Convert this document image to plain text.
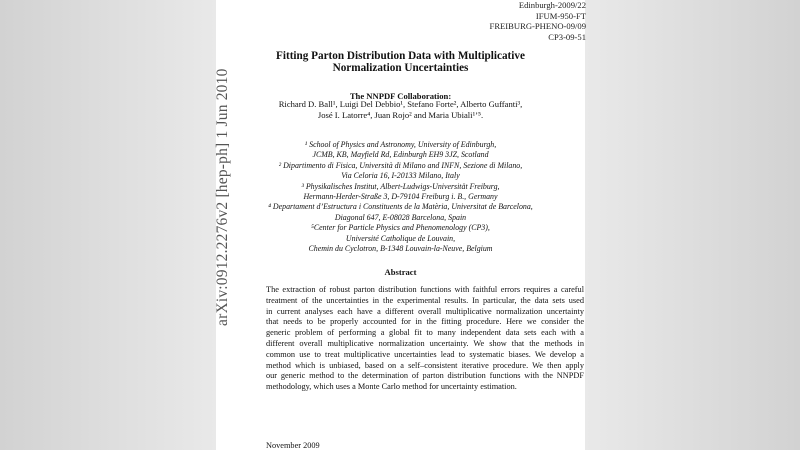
arXiv:0912.2276v2 [hep-ph] 1 Jun 2010
Edinburgh-2009/22
IFUM-950-FT
FREIBURG-PHENO-09/09
CP3-09-51
Fitting Parton Distribution Data with Multiplicative
Normalization Uncertainties
The NNPDF Collaboration:
Richard D. Ball¹, Luigi Del Debbio¹, Stefano Forte², Alberto Guffanti³,
José I. Latorre⁴, Juan Rojo² and Maria Ubiali¹ʼ⁵.
¹ School of Physics and Astronomy, University of Edinburgh,
JCMB, KB, Mayfield Rd, Edinburgh EH9 3JZ, Scotland
² Dipartimento di Fisica, Università di Milano and INFN, Sezione di Milano,
Via Celoria 16, I-20133 Milano, Italy
³ Physikalisches Institut, Albert-Ludwigs-Universität Freiburg,
Hermann-Herder-Straße 3, D-79104 Freiburg i. B., Germany
⁴ Departament d’Estructura i Constituents de la Matèria, Universitat de Barcelona,
Diagonal 647, E-08028 Barcelona, Spain
⁵Center for Particle Physics and Phenomenology (CP3),
Université Catholique de Louvain,
Chemin du Cyclotron, B-1348 Louvain-la-Neuve, Belgium
Abstract
The extraction of robust parton distribution functions with faithful errors requires a careful
treatment of the uncertainties in the experimental results. In particular, the data sets used
in current analyses each have a different overall multiplicative normalization uncertainty
that needs to be properly accounted for in the fitting procedure. Here we consider the
generic problem of performing a global fit to many independent data sets each with a
different overall multiplicative normalization uncertainty. We show that the methods in
common use to treat multiplicative uncertainties lead to systematic biases. We develop a
method which is unbiased, based on a self–consistent iterative procedure. We then apply
our generic method to the determination of parton distribution functions with the NNPDF
methodology, which uses a Monte Carlo method for uncertainty estimation.
November 2009
